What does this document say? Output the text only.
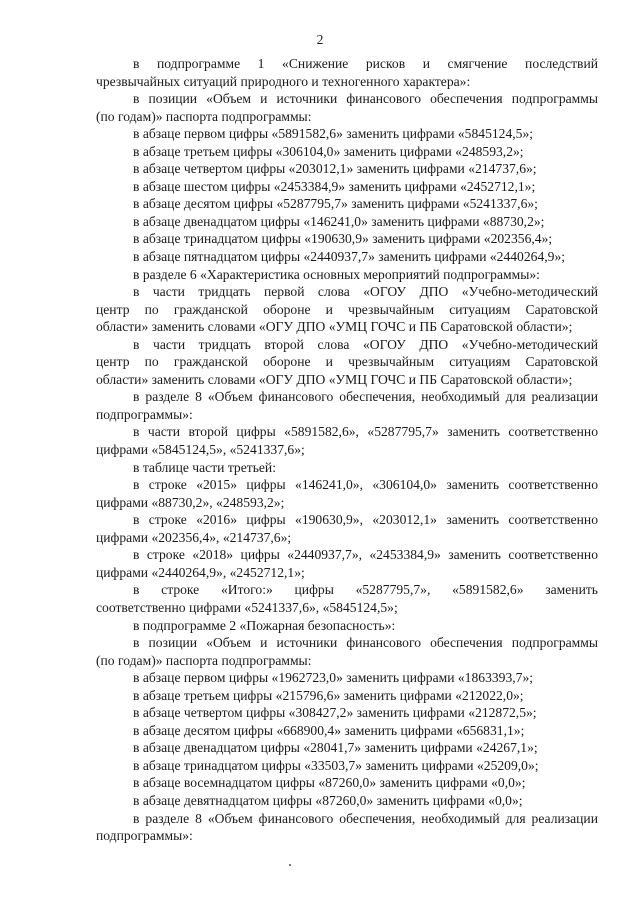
2
в подпрограмме 1 «Снижение рисков и смягчение последствий
чрезвычайных ситуаций природного и техногенного характера»:
в позиции «Объем и источники финансового обеспечения подпрограммы
(по годам)» паспорта подпрограммы:
в абзаце первом цифры «5891582,6» заменить цифрами «5845124,5»;
в абзаце третьем цифры «306104,0» заменить цифрами «248593,2»;
в абзаце четвертом цифры «203012,1» заменить цифрами «214737,6»;
в абзаце шестом цифры «2453384,9» заменить цифрами «2452712,1»;
в абзаце десятом цифры «5287795,7» заменить цифрами «5241337,6»;
в абзаце двенадцатом цифры «146241,0» заменить цифрами «88730,2»;
в абзаце тринадцатом цифры «190630,9» заменить цифрами «202356,4»;
в абзаце пятнадцатом цифры «2440937,7» заменить цифрами «2440264,9»;
в разделе 6 «Характеристика основных мероприятий подпрограммы»:
в части тридцать первой слова «ОГОУ ДПО «Учебно-методический
центр по гражданской обороне и чрезвычайным ситуациям Саратовской
области» заменить словами «ОГУ ДПО «УМЦ ГОЧС и ПБ Саратовской области»;
в части тридцать второй слова «ОГОУ ДПО «Учебно-методический
центр по гражданской обороне и чрезвычайным ситуациям Саратовской
области» заменить словами «ОГУ ДПО «УМЦ ГОЧС и ПБ Саратовской области»;
в разделе 8 «Объем финансового обеспечения, необходимый для реализации
подпрограммы»:
в части второй цифры «5891582,6», «5287795,7» заменить соответственно
цифрами «5845124,5», «5241337,6»;
в таблице части третьей:
в строке «2015» цифры «146241,0», «306104,0» заменить соответственно
цифрами «88730,2», «248593,2»;
в строке «2016» цифры «190630,9», «203012,1» заменить соответственно
цифрами «202356,4», «214737,6»;
в строке «2018» цифры «2440937,7», «2453384,9» заменить соответственно
цифрами «2440264,9», «2452712,1»;
в строке «Итого:» цифры «5287795,7», «5891582,6» заменить
соответственно цифрами «5241337,6», «5845124,5»;
в подпрограмме 2 «Пожарная безопасность»:
в позиции «Объем и источники финансового обеспечения подпрограммы
(по годам)» паспорта подпрограммы:
в абзаце первом цифры «1962723,0» заменить цифрами «1863393,7»;
в абзаце третьем цифры «215796,6» заменить цифрами «212022,0»;
в абзаце четвертом цифры «308427,2» заменить цифрами «212872,5»;
в абзаце десятом цифры «668900,4» заменить цифрами «656831,1»;
в абзаце двенадцатом цифры «28041,7» заменить цифрами «24267,1»;
в абзаце тринадцатом цифры «33503,7» заменить цифрами «25209,0»;
в абзаце восемнадцатом цифры «87260,0» заменить цифрами «0,0»;
в абзаце девятнадцатом цифры «87260,0» заменить цифрами «0,0»;
в разделе 8 «Объем финансового обеспечения, необходимый для реализации
подпрограммы»:
